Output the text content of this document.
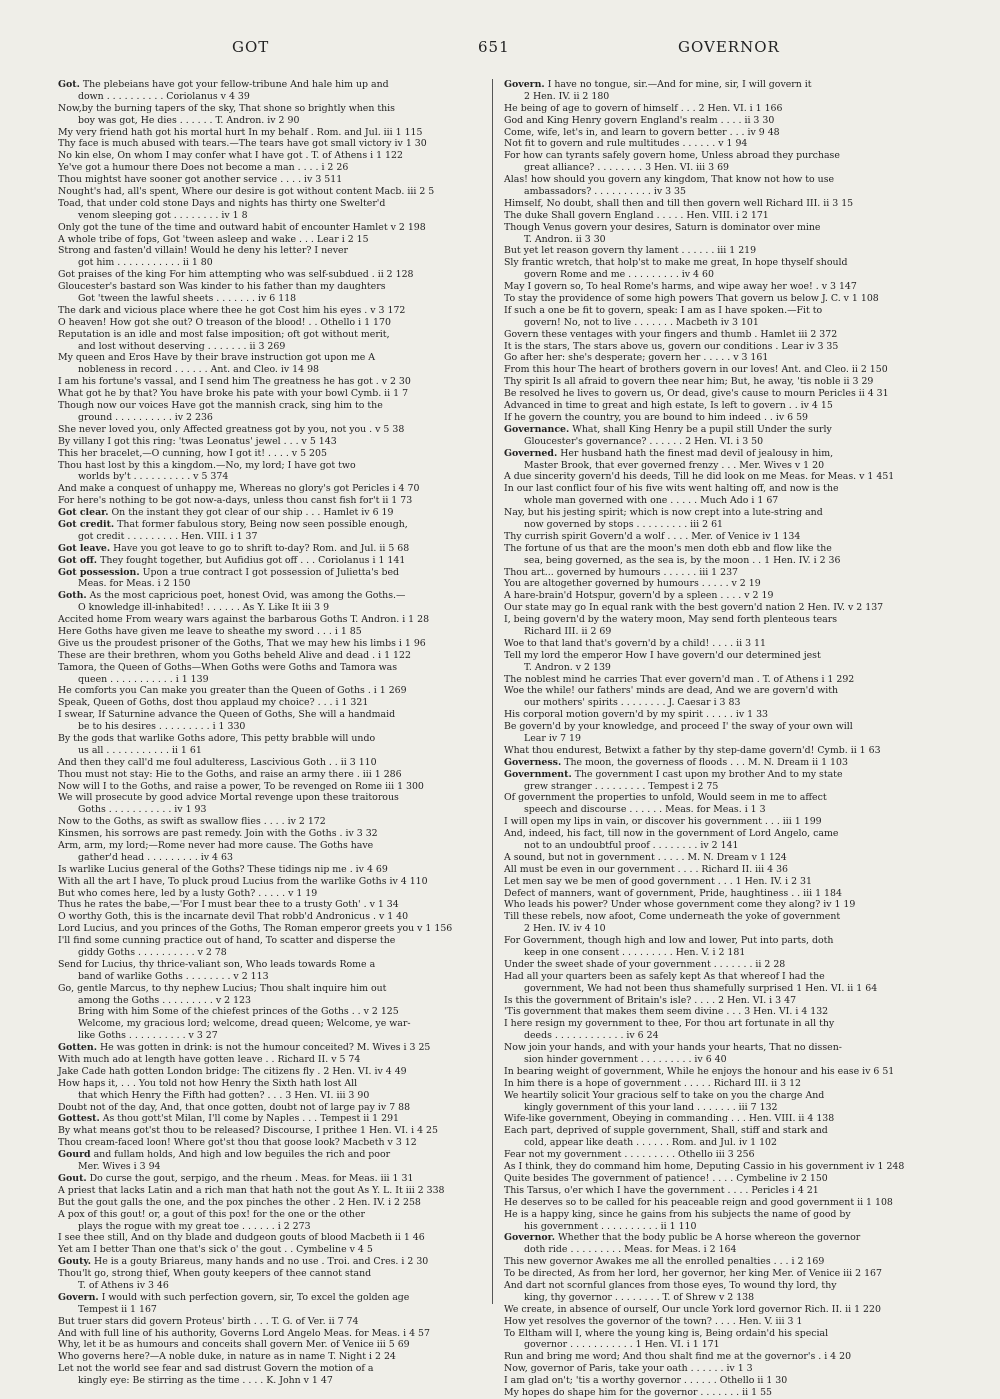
GOT	651	GOVERNOR
Got. The plebeians have got your fellow-tribune And hale him up and
down . . . . . . . . . . Coriolanus v 4 39
Now,by the burning tapers of the sky, That shone so brightly when this
boy was got, He dies . . . . . . T. Andron. iv 2 90
My very friend hath got his mortal hurt In my behalf . Rom. and Jul. iii 1 115
Thy face is much abused with tears.—The tears have got small victory iv 1 30
No kin else, On whom I may confer what I have got . T. of Athens i 1 122
Ye've got a humour there Does not become a man . . . . i 2 26
Thou mightst have sooner got another service . . . . iv 3 511
Nought's had, all's spent, Where our desire is got without content Macb. iii 2 5
Toad, that under cold stone Days and nights has thirty one Swelter'd
venom sleeping got . . . . . . . . iv 1 8
Only got the tune of the time and outward habit of encounter Hamlet v 2 198
A whole tribe of fops, Got 'tween asleep and wake . . . Lear i 2 15
Strong and fasten'd villain! Would he deny his letter? I never
got him . . . . . . . . . . . ii 1 80
Got praises of the king For him attempting who was self-subdued . ii 2 128
Gloucester's bastard son Was kinder to his father than my daughters
Got 'tween the lawful sheets . . . . . . . iv 6 118
The dark and vicious place where thee he got Cost him his eyes . v 3 172
O heaven! How got she out? O treason of the blood! . . Othello i 1 170
Reputation is an idle and most false imposition; oft got without merit,
and lost without deserving . . . . . . . ii 3 269
My queen and Eros Have by their brave instruction got upon me A
nobleness in record . . . . . . Ant. and Cleo. iv 14 98
I am his fortune's vassal, and I send him The greatness he has got . v 2 30
What got he by that? You have broke his pate with your bowl Cymb. ii 1 7
Though now our voices Have got the mannish crack, sing him to the
ground . . . . . . . . . . iv 2 236
She never loved you, only Affected greatness got by you, not you . v 5 38
By villany I got this ring: 'twas Leonatus' jewel . . . v 5 143
This her bracelet,—O cunning, how I got it! . . . . v 5 205
Thou hast lost by this a kingdom.—No, my lord; I have got two
worlds by't . . . . . . . . . . v 5 374
And make a conquest of unhappy me, Whereas no glory's got Pericles i 4 70
For here's nothing to be got now-a-days, unless thou canst fish for't ii 1 73
Got clear. On the instant they got clear of our ship . . . Hamlet iv 6 19
Got credit. That former fabulous story, Being now seen possible enough,
got credit . . . . . . . . . Hen. VIII. i 1 37
Got leave. Have you got leave to go to shrift to-day? Rom. and Jul. ii 5 68
Got off. They fought together, but Aufidius got off . . . Coriolanus i 1 141
Got possession. Upon a true contract I got possession of Julietta's bed
Meas. for Meas. i 2 150
Goth. As the most capricious poet, honest Ovid, was among the Goths.—
O knowledge ill-inhabited! . . . . . . As Y. Like It iii 3 9
Accited home From weary wars against the barbarous Goths T. Andron. i 1 28
Here Goths have given me leave to sheathe my sword . . . i 1 85
Give us the proudest prisoner of the Goths, That we may hew his limbs i 1 96
These are their brethren, whom you Goths beheld Alive and dead . i 1 122
Tamora, the Queen of Goths—When Goths were Goths and Tamora was
queen . . . . . . . . . . . i 1 139
He comforts you Can make you greater than the Queen of Goths . i 1 269
Speak, Queen of Goths, dost thou applaud my choice? . . . i 1 321
I swear, If Saturnine advance the Queen of Goths, She will a handmaid
be to his desires . . . . . . . . . i 1 330
By the gods that warlike Goths adore, This petty brabble will undo
us all . . . . . . . . . . . ii 1 61
And then they call'd me foul adulteress, Lascivious Goth . . ii 3 110
Thou must not stay: Hie to the Goths, and raise an army there . iii 1 286
Now will I to the Goths, and raise a power, To be revenged on Rome iii 1 300
We will prosecute by good advice Mortal revenge upon these traitorous
Goths . . . . . . . . . . . iv 1 93
Now to the Goths, as swift as swallow flies . . . . iv 2 172
Kinsmen, his sorrows are past remedy. Join with the Goths . iv 3 32
Arm, arm, my lord;—Rome never had more cause. The Goths have
gather'd head . . . . . . . . . iv 4 63
Is warlike Lucius general of the Goths? These tidings nip me . iv 4 69
With all the art I have, To pluck proud Lucius from the warlike Goths iv 4 110
But who comes here, led by a lusty Goth? . . . . . v 1 19
Thus he rates the babe,—'For I must bear thee to a trusty Goth' . v 1 34
O worthy Goth, this is the incarnate devil That robb'd Andronicus . v 1 40
Lord Lucius, and you princes of the Goths, The Roman emperor greets you v 1 156
I'll find some cunning practice out of hand, To scatter and disperse the
giddy Goths . . . . . . . . . . v 2 78
Send for Lucius, thy thrice-valiant son, Who leads towards Rome a
band of warlike Goths . . . . . . . . v 2 113
Go, gentle Marcus, to thy nephew Lucius; Thou shalt inquire him out
among the Goths . . . . . . . . . v 2 123
Bring with him Some of the chiefest princes of the Goths . . v 2 125
Welcome, my gracious lord; welcome, dread queen; Welcome, ye war-
like Goths . . . . . . . . . . v 3 27
Gotten. He was gotten in drink: is not the humour conceited? M. Wives i 3 25
With much ado at length have gotten leave . . Richard II. v 5 74
Jake Cade hath gotten London bridge: The citizens fly . 2 Hen. VI. iv 4 49
How haps it, . . . You told not how Henry the Sixth hath lost All
that which Henry the Fifth had gotten? . . . 3 Hen. VI. iii 3 90
Doubt not of the day, And, that once gotten, doubt not of large pay iv 7 88
Gottest. As thou gott'st Milan, I'll come by Naples . . . Tempest ii 1 291
By what means got'st thou to be released? Discourse, I prithee 1 Hen. VI. i 4 25
Thou cream-faced loon! Where got'st thou that goose look? Macbeth v 3 12
Gourd and fullam holds, And high and low beguiles the rich and poor
Mer. Wives i 3 94
Gout. Do curse the gout, serpigo, and the rheum . Meas. for Meas. iii 1 31
A priest that lacks Latin and a rich man that hath not the gout As Y. L. It iii 2 338
But the gout galls the one, and the pox pinches the other . 2 Hen. IV. i 2 258
A pox of this gout! or, a gout of this pox! for the one or the other
plays the rogue with my great toe . . . . . . i 2 273
I see thee still, And on thy blade and dudgeon gouts of blood Macbeth ii 1 46
Yet am I better Than one that's sick o' the gout . . Cymbeline v 4 5
Gouty. He is a gouty Briareus, many hands and no use . Troi. and Cres. i 2 30
Thou'lt go, strong thief, When gouty keepers of thee cannot stand
T. of Athens iv 3 46
Govern. I would with such perfection govern, sir, To excel the golden age
Tempest ii 1 167
But truer stars did govern Proteus' birth . . . T. G. of Ver. ii 7 74
And with full line of his authority, Governs Lord Angelo Meas. for Meas. i 4 57
Why, let it be as humours and conceits shall govern Mer. of Venice iii 5 69
Who governs here?—A noble duke, in nature as in name T. Night i 2 24
Let not the world see fear and sad distrust Govern the motion of a
kingly eye: Be stirring as the time . . . . K. John v 1 47
Govern. I have no tongue, sir.—And for mine, sir, I will govern it
2 Hen. IV. ii 2 180
He being of age to govern of himself . . . 2 Hen. VI. i 1 166
God and King Henry govern England's realm . . . . ii 3 30
Come, wife, let's in, and learn to govern better . . . iv 9 48
Not fit to govern and rule multitudes . . . . . . v 1 94
For how can tyrants safely govern home, Unless abroad they purchase
great alliance? . . . . . . . . 3 Hen. VI. iii 3 69
Alas! how should you govern any kingdom, That know not how to use
ambassadors? . . . . . . . . . . iv 3 35
Himself, No doubt, shall then and till then govern well Richard III. ii 3 15
The duke Shall govern England . . . . . Hen. VIII. i 2 171
Though Venus govern your desires, Saturn is dominator over mine
T. Andron. ii 3 30
But yet let reason govern thy lament . . . . . . iii 1 219
Sly frantic wretch, that holp'st to make me great, In hope thyself should
govern Rome and me . . . . . . . . . iv 4 60
May I govern so, To heal Rome's harms, and wipe away her woe! . v 3 147
To stay the providence of some high powers That govern us below J. C. v 1 108
If such a one be fit to govern, speak: I am as I have spoken.—Fit to
govern! No, not to live . . . . . . . Macbeth iv 3 101
Govern these ventages with your fingers and thumb . Hamlet iii 2 372
It is the stars, The stars above us, govern our conditions . Lear iv 3 35
Go after her: she's desperate; govern her . . . . . v 3 161
From this hour The heart of brothers govern in our loves! Ant. and Cleo. ii 2 150
Thy spirit Is all afraid to govern thee near him; But, he away, 'tis noble ii 3 29
Be resolved he lives to govern us, Or dead, give's cause to mourn Pericles ii 4 31
Advanced in time to great and high estate, Is left to govern . . iv 4 15
If he govern the country, you are bound to him indeed . . iv 6 59
Governance. What, shall King Henry be a pupil still Under the surly
Gloucester's governance? . . . . . . 2 Hen. VI. i 3 50
Governed. Her husband hath the finest mad devil of jealousy in him,
Master Brook, that ever governed frenzy . . . Mer. Wives v 1 20
A due sincerity govern'd his deeds, Till he did look on me Meas. for Meas. v 1 451
In our last conflict four of his five wits went halting off, and now is the
whole man governed with one . . . . . Much Ado i 1 67
Nay, but his jesting spirit; which is now crept into a lute-string and
now governed by stops . . . . . . . . . iii 2 61
Thy currish spirit Govern'd a wolf . . . . Mer. of Venice iv 1 134
The fortune of us that are the moon's men doth ebb and flow like the
sea, being governed, as the sea is, by the moon . . 1 Hen. IV. i 2 36
Thou art... governed by humours . . . . . . iii 1 237
You are altogether governed by humours . . . . . v 2 19
A hare-brain'd Hotspur, govern'd by a spleen . . . . v 2 19
Our state may go In equal rank with the best govern'd nation 2 Hen. IV. v 2 137
I, being govern'd by the watery moon, May send forth plenteous tears
Richard III. ii 2 69
Woe to that land that's govern'd by a child! . . . . ii 3 11
Tell my lord the emperor How I have govern'd our determined jest
T. Andron. v 2 139
The noblest mind he carries That ever govern'd man . T. of Athens i 1 292
Woe the while! our fathers' minds are dead, And we are govern'd with
our mothers' spirits . . . . . . . . J. Caesar i 3 83
His corporal motion govern'd by my spirit . . . . . iv 1 33
Be govern'd by your knowledge, and proceed I' the sway of your own will
Lear iv 7 19
What thou endurest, Betwixt a father by thy step-dame govern'd! Cymb. ii 1 63
Governess. The moon, the governess of floods . . . M. N. Dream ii 1 103
Government. The government I cast upon my brother And to my state
grew stranger . . . . . . . . . Tempest i 2 75
Of government the properties to unfold, Would seem in me to affect
speech and discourse . . . . . . Meas. for Meas. i 1 3
I will open my lips in vain, or discover his government . . . iii 1 199
And, indeed, his fact, till now in the government of Lord Angelo, came
not to an undoubtful proof . . . . . . . . iv 2 141
A sound, but not in government . . . . . M. N. Dream v 1 124
All must be even in our government . . . . Richard II. iii 4 36
Let men say we be men of good government . . . 1 Hen. IV. i 2 31
Defect of manners, want of government, Pride, haughtiness . . iii 1 184
Who leads his power? Under whose government come they along? iv 1 19
Till these rebels, now afoot, Come underneath the yoke of government
2 Hen. IV. iv 4 10
For Government, though high and low and lower, Put into parts, doth
keep in one consent . . . . . . . . . Hen. V. i 2 181
Under the sweet shade of your government . . . . . . . ii 2 28
Had all your quarters been as safely kept As that whereof I had the
government, We had not been thus shamefully surprised 1 Hen. VI. ii 1 64
Is this the government of Britain's isle? . . . . 2 Hen. VI. i 3 47
'Tis government that makes them seem divine . . . 3 Hen. VI. i 4 132
I here resign my government to thee, For thou art fortunate in all thy
deeds . . . . . . . . . . . . iv 6 24
Now join your hands, and with your hands your hearts, That no dissen-
sion hinder government . . . . . . . . . iv 6 40
In bearing weight of government, While he enjoys the honour and his ease iv 6 51
In him there is a hope of government . . . . . Richard III. ii 3 12
We heartily solicit Your gracious self to take on you the charge And
kingly government of this your land . . . . . . . iii 7 132
Wife-like government, Obeying in commanding . . . Hen. VIII. ii 4 138
Each part, deprived of supple government, Shall, stiff and stark and
cold, appear like death . . . . . . Rom. and Jul. iv 1 102
Fear not my government . . . . . . . . . Othello iii 3 256
As I think, they do command him home, Deputing Cassio in his government iv 1 248
Quite besides The government of patience! . . . . Cymbeline iv 2 150
This Tarsus, o'er which I have the government . . . . Pericles i 4 21
He deserves so to be called for his peaceable reign and good government ii 1 108
He is a happy king, since he gains from his subjects the name of good by
his government . . . . . . . . . . ii 1 110
Governor. Whether that the body public be A horse whereon the governor
doth ride . . . . . . . . . Meas. for Meas. i 2 164
This new governor Awakes me all the enrolled penalties . . . i 2 169
To be directed, As from her lord, her governor, her king Mer. of Venice iii 2 167
And dart not scornful glances from those eyes, To wound thy lord, thy
king, thy governor . . . . . . . . T. of Shrew v 2 138
We create, in absence of ourself, Our uncle York lord governor Rich. II. ii 1 220
How yet resolves the governor of the town? . . . . Hen. V. iii 3 1
To Eltham will I, where the young king is, Being ordain'd his special
governor . . . . . . . . . . . 1 Hen. VI. i 1 171
Run and bring me word; And thou shalt find me at the governor's . i 4 20
Now, governor of Paris, take your oath . . . . . . iv 1 3
I am glad on't; 'tis a worthy governor . . . . . . Othello ii 1 30
My hopes do shape him for the governor . . . . . . . ii 1 55
